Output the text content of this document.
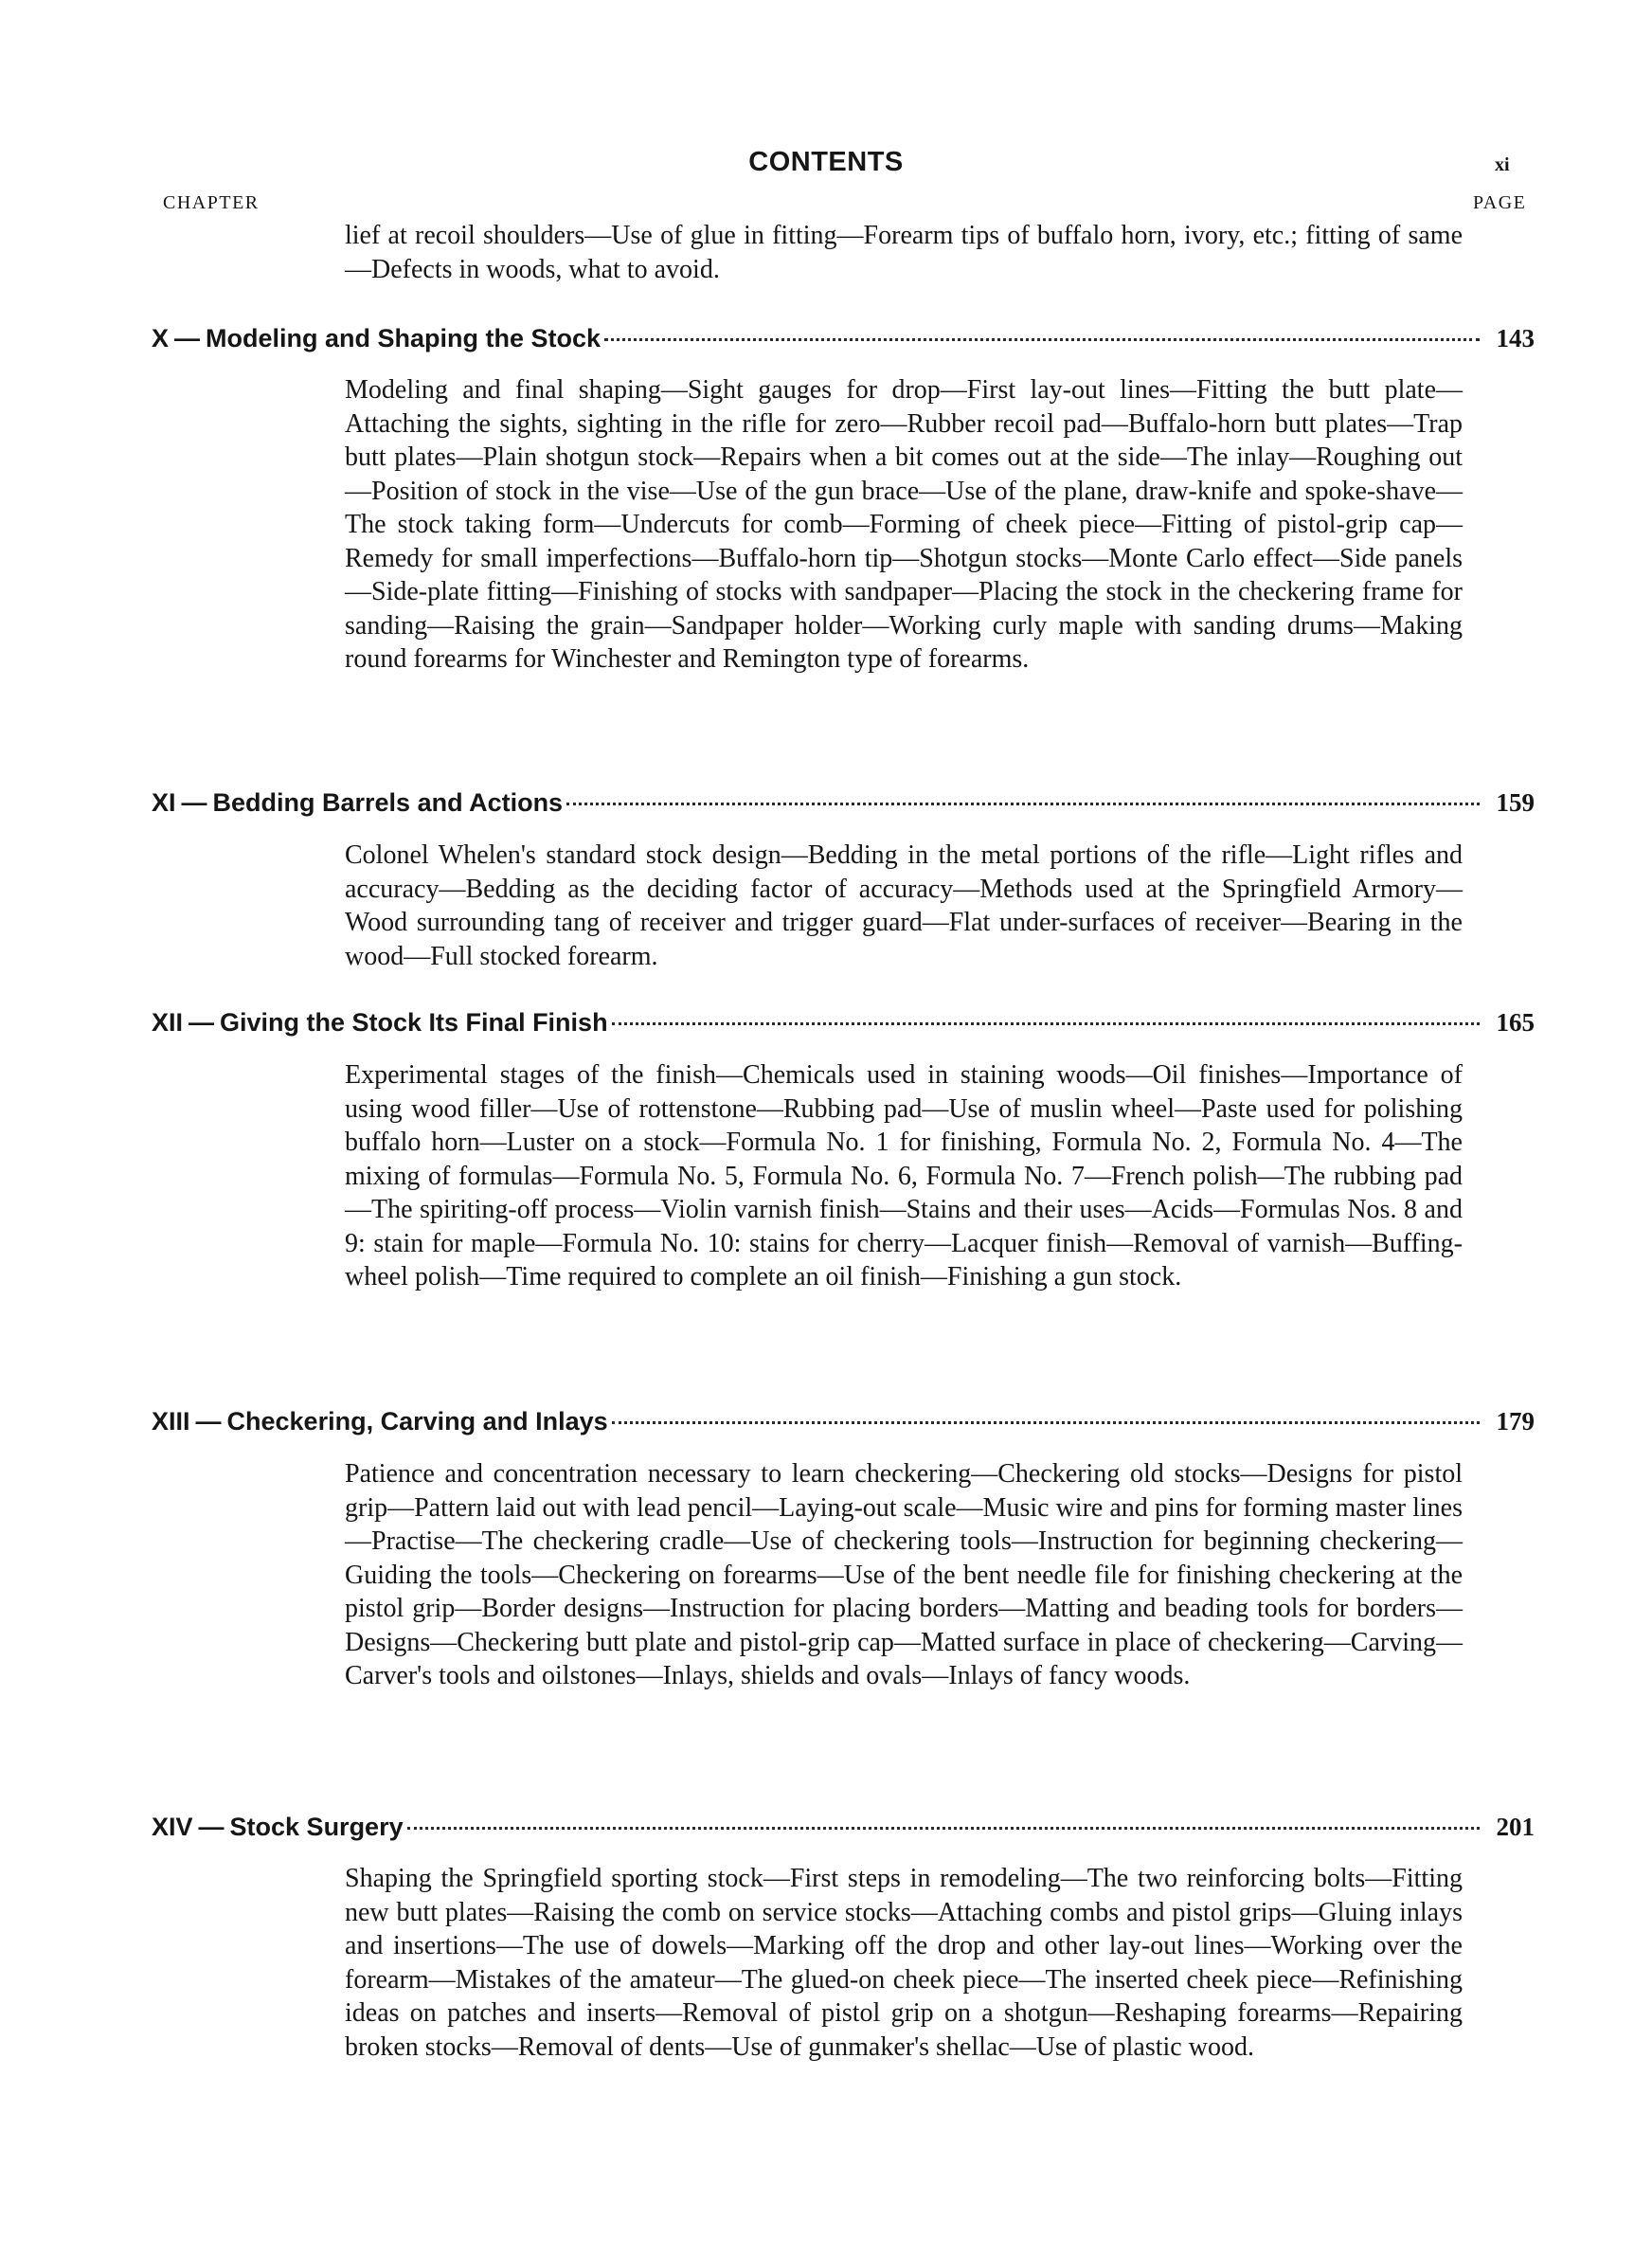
CONTENTS	xi
CHAPTER	PAGE

lief at recoil shoulders—Use of glue in fitting—Forearm tips of buffalo horn, ivory, etc.; fitting of same—Defects in woods, what to avoid.

X — Modeling and Shaping the Stock	143

Modeling and final shaping—Sight gauges for drop—First lay-out lines—Fitting the butt plate—Attaching the sights, sighting in the rifle for zero—Rubber recoil pad—Buffalo-horn butt plates—Trap butt plates—Plain shotgun stock—Repairs when a bit comes out at the side—The inlay—Roughing out—Position of stock in the vise—Use of the gun brace—Use of the plane, draw-knife and spoke-shave—The stock taking form—Undercuts for comb—Forming of cheek piece—Fitting of pistol-grip cap—Remedy for small imperfections—Buffalo-horn tip—Shotgun stocks—Monte Carlo effect—Side panels—Side-plate fitting—Finishing of stocks with sandpaper—Placing the stock in the checkering frame for sanding—Raising the grain—Sandpaper holder—Working curly maple with sanding drums—Making round forearms for Winchester and Remington type of forearms.

XI — Bedding Barrels and Actions	159

Colonel Whelen's standard stock design—Bedding in the metal portions of the rifle—Light rifles and accuracy—Bedding as the deciding factor of accuracy—Methods used at the Springfield Armory—Wood surrounding tang of receiver and trigger guard—Flat under-surfaces of receiver—Bearing in the wood—Full stocked forearm.

XII — Giving the Stock Its Final Finish	165

Experimental stages of the finish—Chemicals used in staining woods—Oil finishes—Importance of using wood filler—Use of rottenstone—Rubbing pad—Use of muslin wheel—Paste used for polishing buffalo horn—Luster on a stock—Formula No. 1 for finishing, Formula No. 2, Formula No. 4—The mixing of formulas—Formula No. 5, Formula No. 6, Formula No. 7—French polish—The rubbing pad—The spiriting-off process—Violin varnish finish—Stains and their uses—Acids—Formulas Nos. 8 and 9: stain for maple—Formula No. 10: stains for cherry—Lacquer finish—Removal of varnish—Buffing-wheel polish—Time required to complete an oil finish—Finishing a gun stock.

XIII — Checkering, Carving and Inlays	179

Patience and concentration necessary to learn checkering—Checkering old stocks—Designs for pistol grip—Pattern laid out with lead pencil—Laying-out scale—Music wire and pins for forming master lines—Practise—The checkering cradle—Use of checkering tools—Instruction for beginning checkering—Guiding the tools—Checkering on forearms—Use of the bent needle file for finishing checkering at the pistol grip—Border designs—Instruction for placing borders—Matting and beading tools for borders—Designs—Checkering butt plate and pistol-grip cap—Matted surface in place of checkering—Carving—Carver's tools and oilstones—Inlays, shields and ovals—Inlays of fancy woods.

XIV — Stock Surgery	201

Shaping the Springfield sporting stock—First steps in remodeling—The two reinforcing bolts—Fitting new butt plates—Raising the comb on service stocks—Attaching combs and pistol grips—Gluing inlays and insertions—The use of dowels—Marking off the drop and other lay-out lines—Working over the forearm—Mistakes of the amateur—The glued-on cheek piece—The inserted cheek piece—Refinishing ideas on patches and inserts—Removal of pistol grip on a shotgun—Reshaping forearms—Repairing broken stocks—Removal of dents—Use of gunmaker's shellac—Use of plastic wood.
